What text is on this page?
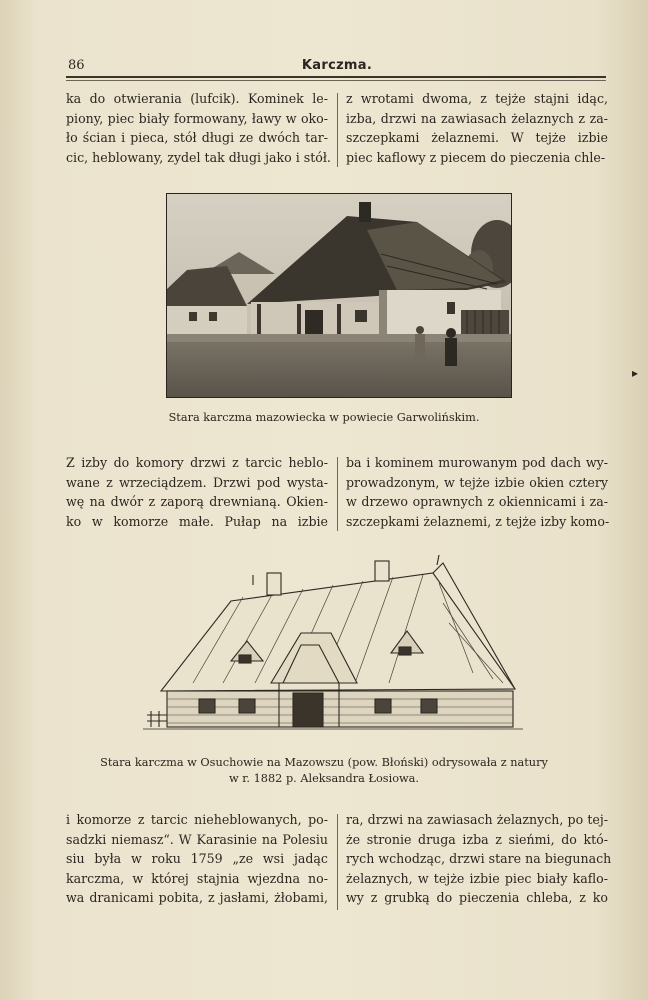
86	Karczma.
ka do otwierania (lufcik). Kominek le-
piony, piec biały formowany, ławy w oko-
ło ścian i pieca, stół długi ze dwóch tar-
cic, heblowany, zydel tak długi jako i stół.
z wrotami dwoma, z tejże stajni idąc,
izba, drzwi na zawiasach żelaznych z za-
szczepkami żelaznemi. W tejże izbie
piec kaflowy z piecem do pieczenia chle-
Stara karczma mazowiecka w powiecie Garwolińskim.
Z izby do komory drzwi z tarcic heblo-
wane z wrzeciądzem. Drzwi pod wysta-
wę na dwór z zaporą drewnianą. Okien-
ko w komorze małe. Pułap na izbie
ba i kominem murowanym pod dach wy-
prowadzonym, w tejże izbie okien cztery
w drzewo oprawnych z okiennicami i za-
szczepkami żelaznemi, z tejże izby komo-
Stara karczma w Osuchowie na Mazowszu (pow. Błoński) odrysowała z natury
w r. 1882 p. Aleksandra Łosiowa.
i komorze z tarcic nieheblowanych, po-
sadzki niemasz“. W Karasinie na Polesiu
siu była w roku 1759 „ze wsi jadąc
karczma, w której stajnia wjezdna no-
wa dranicami pobita, z jasłami, żłobami,
ra, drzwi na zawiasach żelaznych, po tej-
że stronie druga izba z sieńmi, do któ-
rych wchodząc, drzwi stare na biegunach
żelaznych, w tejże izbie piec biały kaflo-
wy z grubką do pieczenia chleba, z ko
▸
